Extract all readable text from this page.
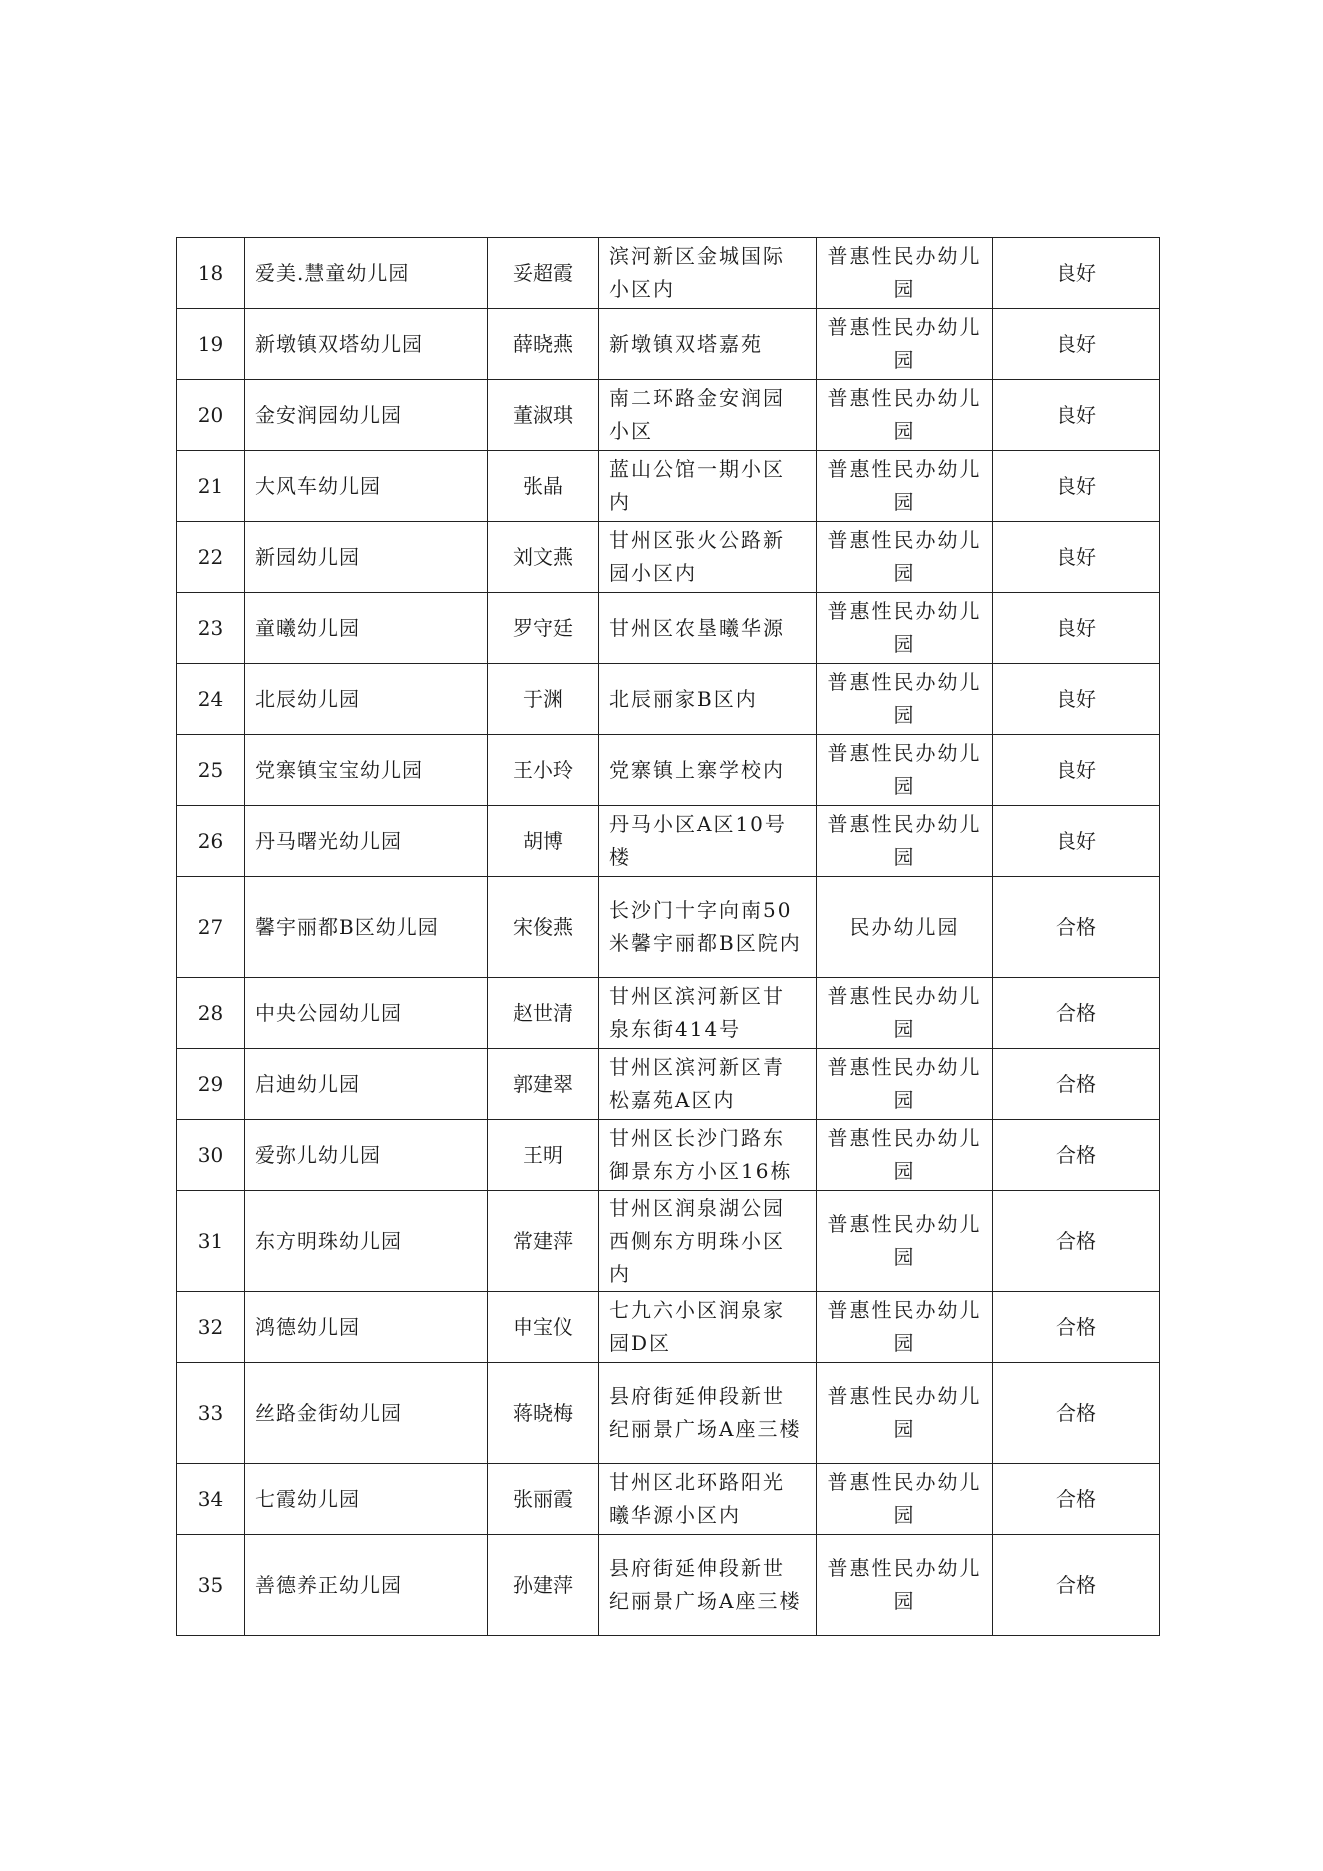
18	爱美.慧童幼儿园	妥超霞	滨河新区金城国际小区内	普惠性民办幼儿园	良好
19	新墩镇双塔幼儿园	薛晓燕	新墩镇双塔嘉苑	普惠性民办幼儿园	良好
20	金安润园幼儿园	董淑琪	南二环路金安润园小区	普惠性民办幼儿园	良好
21	大风车幼儿园	张晶	蓝山公馆一期小区内	普惠性民办幼儿园	良好
22	新园幼儿园	刘文燕	甘州区张火公路新园小区内	普惠性民办幼儿园	良好
23	童曦幼儿园	罗守廷	甘州区农垦曦华源	普惠性民办幼儿园	良好
24	北辰幼儿园	于渊	北辰丽家B区内	普惠性民办幼儿园	良好
25	党寨镇宝宝幼儿园	王小玲	党寨镇上寨学校内	普惠性民办幼儿园	良好
26	丹马曙光幼儿园	胡博	丹马小区A区10号楼	普惠性民办幼儿园	良好
27	馨宇丽都B区幼儿园	宋俊燕	长沙门十字向南50米馨宇丽都B区院内	民办幼儿园	合格
28	中央公园幼儿园	赵世清	甘州区滨河新区甘泉东街414号	普惠性民办幼儿园	合格
29	启迪幼儿园	郭建翠	甘州区滨河新区青松嘉苑A区内	普惠性民办幼儿园	合格
30	爱弥儿幼儿园	王明	甘州区长沙门路东御景东方小区16栋	普惠性民办幼儿园	合格
31	东方明珠幼儿园	常建萍	甘州区润泉湖公园西侧东方明珠小区内	普惠性民办幼儿园	合格
32	鸿德幼儿园	申宝仪	七九六小区润泉家园D区	普惠性民办幼儿园	合格
33	丝路金街幼儿园	蒋晓梅	县府街延伸段新世纪丽景广场A座三楼	普惠性民办幼儿园	合格
34	七霞幼儿园	张丽霞	甘州区北环路阳光曦华源小区内	普惠性民办幼儿园	合格
35	善德养正幼儿园	孙建萍	县府街延伸段新世纪丽景广场A座三楼	普惠性民办幼儿园	合格
